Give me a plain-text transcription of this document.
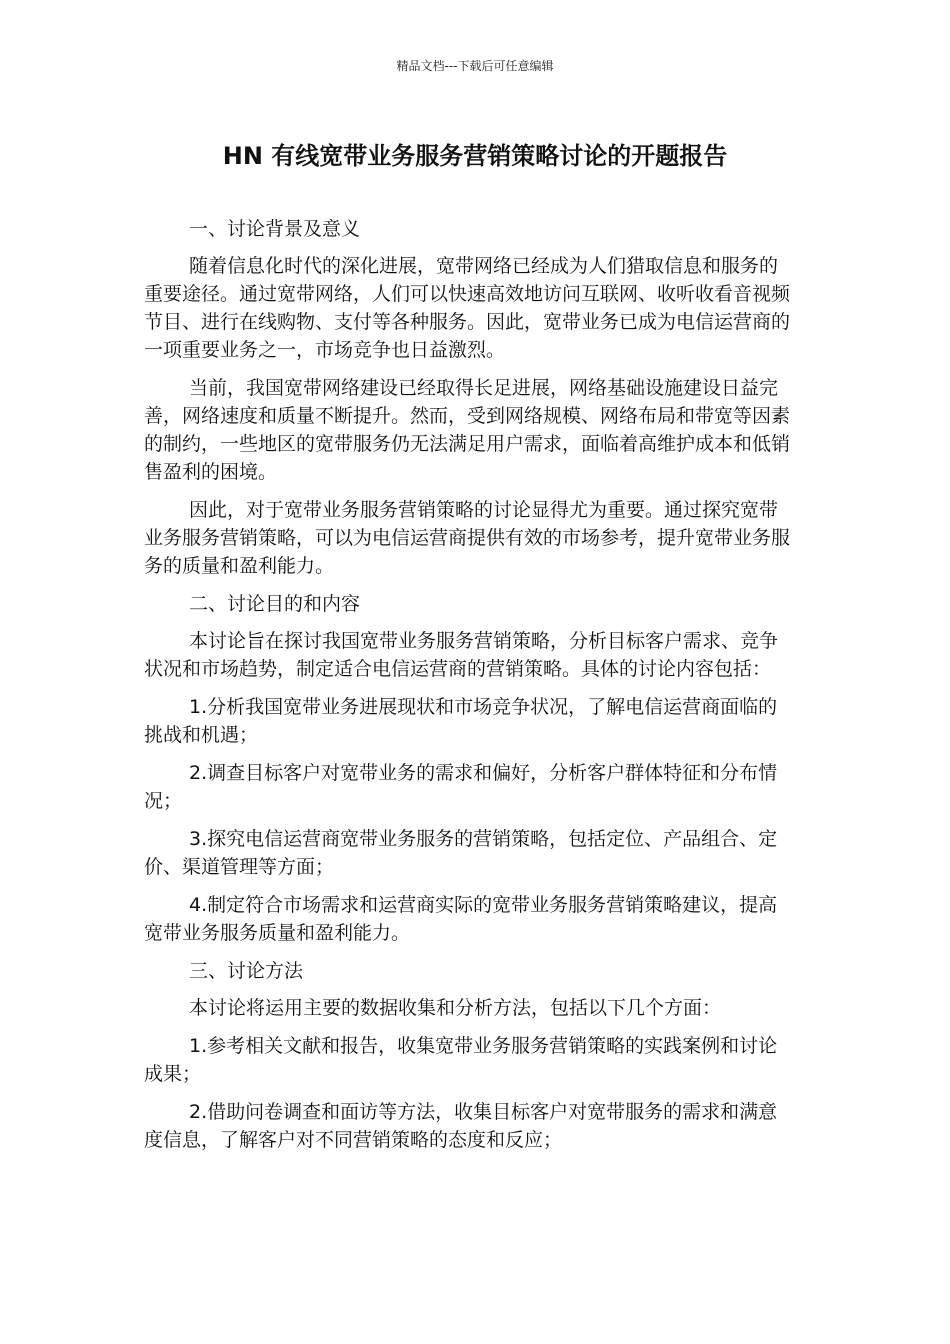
精品文档---下载后可任意编辑
HN 有线宽带业务服务营销策略讨论的开题报告

一、讨论背景及意义

随着信息化时代的深化进展，宽带网络已经成为人们猎取信息和服务的重要途径。通过宽带网络，人们可以快速高效地访问互联网、收听收看音视频节目、进行在线购物、支付等各种服务。因此，宽带业务已成为电信运营商的一项重要业务之一，市场竞争也日益激烈。

当前，我国宽带网络建设已经取得长足进展，网络基础设施建设日益完善，网络速度和质量不断提升。然而，受到网络规模、网络布局和带宽等因素的制约，一些地区的宽带服务仍无法满足用户需求，面临着高维护成本和低销售盈利的困境。

因此，对于宽带业务服务营销策略的讨论显得尤为重要。通过探究宽带业务服务营销策略，可以为电信运营商提供有效的市场参考，提升宽带业务服务的质量和盈利能力。

二、讨论目的和内容

本讨论旨在探讨我国宽带业务服务营销策略，分析目标客户需求、竞争状况和市场趋势，制定适合电信运营商的营销策略。具体的讨论内容包括：

1.分析我国宽带业务进展现状和市场竞争状况，了解电信运营商面临的挑战和机遇；

2.调查目标客户对宽带业务的需求和偏好，分析客户群体特征和分布情况；

3.探究电信运营商宽带业务服务的营销策略，包括定位、产品组合、定价、渠道管理等方面；

4.制定符合市场需求和运营商实际的宽带业务服务营销策略建议，提高宽带业务服务质量和盈利能力。

三、讨论方法

本讨论将运用主要的数据收集和分析方法，包括以下几个方面：

1.参考相关文献和报告，收集宽带业务服务营销策略的实践案例和讨论成果；

2.借助问卷调查和面访等方法，收集目标客户对宽带服务的需求和满意度信息，了解客户对不同营销策略的态度和反应；
